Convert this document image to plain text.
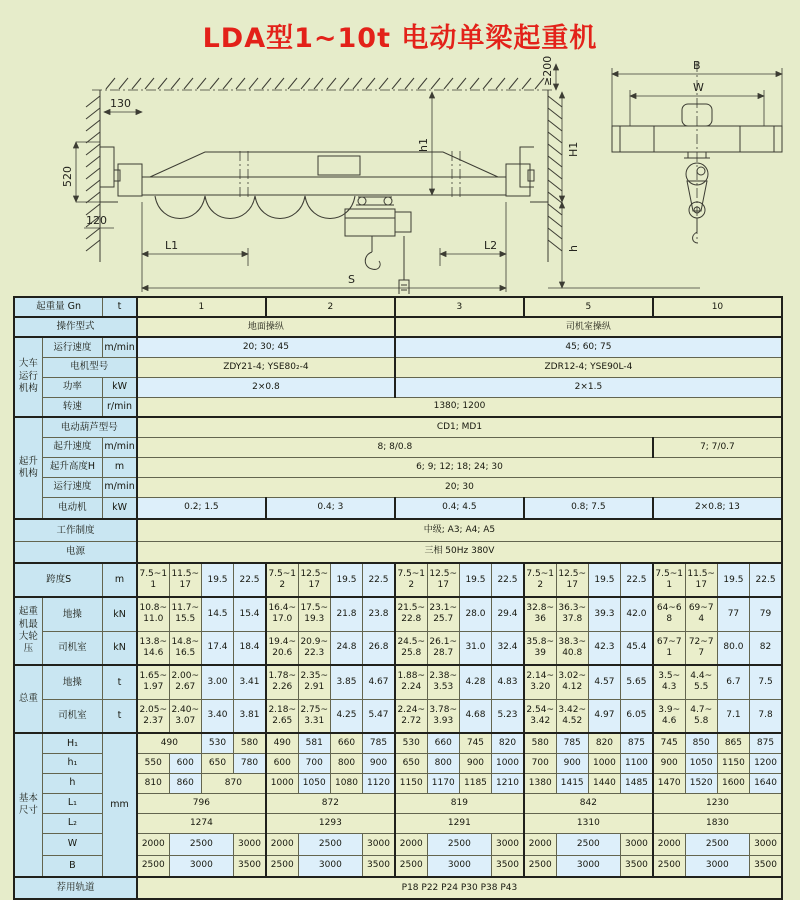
LDA型1~10t 电动单梁起重机
130
520
120
L1	L2
S
h1	H1
h
≥200	B
W
起重量 Gn		t	1				2				3				5				10			
操作型式			地面操纵								司机室操纵											
大车运行机构	运行速度	m/min	20; 30; 45								45; 60; 75											
	电机型号		ZDY21-4; YSE80₂-4								ZDR12-4; YSE90L-4											
	功率	kW	2×0.8								2×1.5											
	转速	r/min	1380; 1200																			
起升机构	电动葫芦型号		CD1; MD1																			
	起升速度	m/min	8; 8/0.8																7; 7/0.7			
	起升高度H	m	6; 9; 12; 18; 24; 30																			
	运行速度	m/min	20; 30																			
	电动机	kW	0.2; 1.5				0.4; 3				0.4; 4.5				0.8; 7.5				2×0.8; 13			
工作制度			中级; A3; A4; A5																			
电源			三相 50Hz 380V																			
跨度S		m	7.5~11	11.5~17	19.5	22.5	7.5~12	12.5~17	19.5	22.5	7.5~12	12.5~17	19.5	22.5	7.5~12	12.5~17	19.5	22.5	7.5~11	11.5~17	19.5	22.5
起重机最大轮压	地操	kN	10.8~11.0	11.7~15.5	14.5	15.4	16.4~17.0	17.5~19.3	21.8	23.8	21.5~22.8	23.1~25.7	28.0	29.4	32.8~36	36.3~37.8	39.3	42.0	64~68	69~74	77	79
	司机室	kN	13.8~14.6	14.8~16.5	17.4	18.4	19.4~20.6	20.9~22.3	24.8	26.8	24.5~25.8	26.1~28.7	31.0	32.4	35.8~39	38.3~40.8	42.3	45.4	67~71	72~77	80.0	82
总重	地操	t	1.65~1.97	2.00~2.67	3.00	3.41	1.78~2.26	2.35~2.91	3.85	4.67	1.88~2.24	2.38~3.53	4.28	4.83	2.14~3.20	3.02~4.12	4.57	5.65	3.5~4.3	4.4~5.5	6.7	7.5
	司机室	t	2.05~2.37	2.40~3.07	3.40	3.81	2.18~2.65	2.75~3.31	4.25	5.47	2.24~2.72	3.78~3.93	4.68	5.23	2.54~3.42	3.42~4.52	4.97	6.05	3.9~4.6	4.7~5.8	7.1	7.8
基本尺寸	H₁	mm	490		530	580	490	581	660	785	530	660	745	820	580	785	820	875	745	850	865	875
	h₁		550	600	650	780	600	700	800	900	650	800	900	1000	700	900	1000	1100	900	1050	1150	1200
	h		810	860	870		1000	1050	1080	1120	1150	1170	1185	1210	1380	1415	1440	1485	1470	1520	1600	1640
	L₁		796				872				819				842				1230			
	L₂		1274				1293				1291				1310				1830			
	W		2000	2500		3000	2000	2500		3000	2000	2500		3000	2000	2500		3000	2000	2500		3000
	B		2500	3000		3500	2500	3000		3500	2500	3000		3500	2500	3000		3500	2500	3000		3500
荐用轨道			P18 P22 P24 P30 P38 P43																			
